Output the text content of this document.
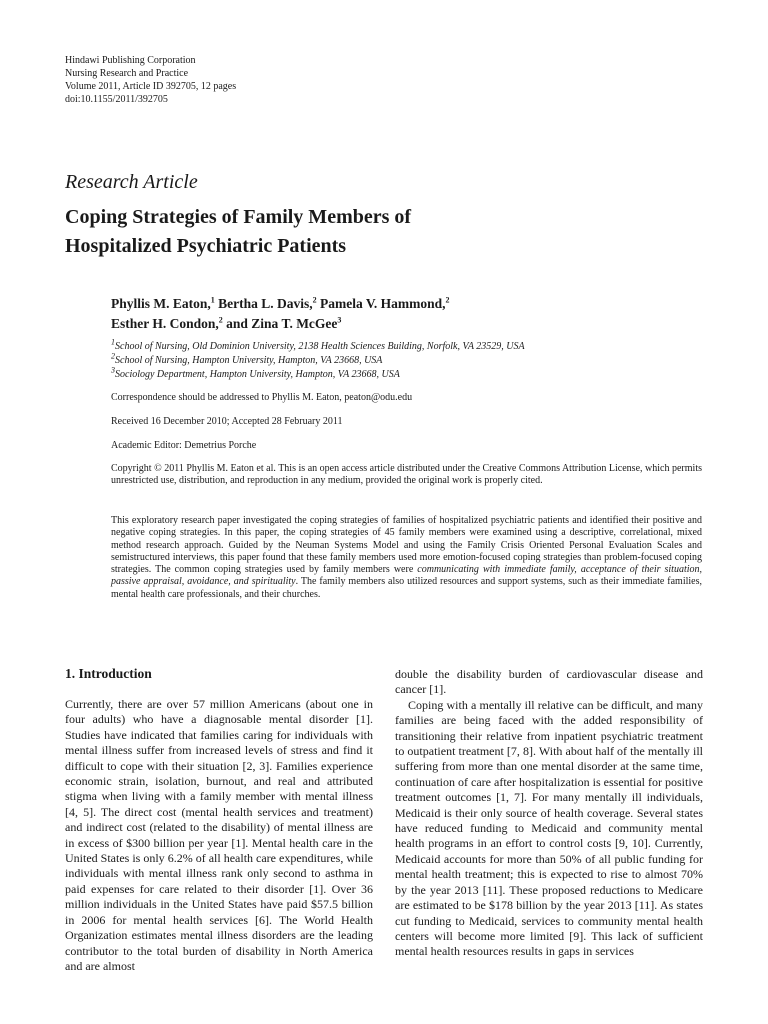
Hindawi Publishing Corporation
Nursing Research and Practice
Volume 2011, Article ID 392705, 12 pages
doi:10.1155/2011/392705
Research Article
Coping Strategies of Family Members of
Hospitalized Psychiatric Patients
Phyllis M. Eaton,$^1$ Bertha L. Davis,$^2$ Pamela V. Hammond,$^2$
Esther H. Condon,$^2$ and Zina T. McGee$^3$
$^1$School of Nursing, Old Dominion University, 2138 Health Sciences Building, Norfolk, VA 23529, USA
$^2$School of Nursing, Hampton University, Hampton, VA 23668, USA
$^3$Sociology Department, Hampton University, Hampton, VA 23668, USA
Correspondence should be addressed to Phyllis M. Eaton, peaton@odu.edu
Received 16 December 2010; Accepted 28 February 2011
Academic Editor: Demetrius Porche
Copyright © 2011 Phyllis M. Eaton et al. This is an open access article distributed under the Creative Commons Attribution License, which permits unrestricted use, distribution, and reproduction in any medium, provided the original work is properly cited.
This exploratory research paper investigated the coping strategies of families of hospitalized psychiatric patients and identified their positive and negative coping strategies. In this paper, the coping strategies of 45 family members were examined using a descriptive, correlational, mixed method research approach. Guided by the Neuman Systems Model and using the Family Crisis Oriented Personal Evaluation Scales and semistructured interviews, this paper found that these family members used more emotion-focused coping strategies than problem-focused coping strategies. The common coping strategies used by family members were communicating with immediate family, acceptance of their situation, passive appraisal, avoidance, and spirituality. The family members also utilized resources and support systems, such as their immediate families, mental health care professionals, and their churches.
1. Introduction

Currently, there are over 57 million Americans (about one in four adults) who have a diagnosable mental disorder [1]. Studies have indicated that families caring for individuals with mental illness suffer from increased levels of stress and find it difficult to cope with their situation [2, 3]. Families experience economic strain, isolation, burnout, and real and attributed stigma when living with a family member with mental illness [4, 5]. The direct cost (mental health services and treatment) and indirect cost (related to the disability) of mental illness are in excess of $300 billion per year [1]. Mental health care in the United States is only 6.2% of all health care expenditures, while individuals with mental illness rank only second to asthma in paid expenses for care related to their disorder [1]. Over 36 million individuals in the United States have paid $57.5 billion in 2006 for mental health services [6]. The World Health Organization estimates mental illness disorders are the leading contributor to the total burden of disability in North America and are almost

double the disability burden of cardiovascular disease and cancer [1].

Coping with a mentally ill relative can be difficult, and many families are being faced with the added responsibility of transitioning their relative from inpatient psychiatric treatment to outpatient treatment [7, 8]. With about half of the mentally ill suffering from more than one mental disorder at the same time, continuation of care after hospitalization is essential for positive treatment outcomes [1, 7]. For many mentally ill individuals, Medicaid is their only source of health coverage. Several states have reduced funding to Medicaid and community mental health programs in an effort to control costs [9, 10]. Currently, Medicaid accounts for more than 50% of all public funding for mental health treatment; this is expected to rise to almost 70% by the year 2013 [11]. These proposed reductions to Medicare are estimated to be $178 billion by the year 2013 [11]. As states cut funding to Medicaid, services to community mental health centers will become more limited [9]. This lack of sufficient mental health resources results in gaps in services
